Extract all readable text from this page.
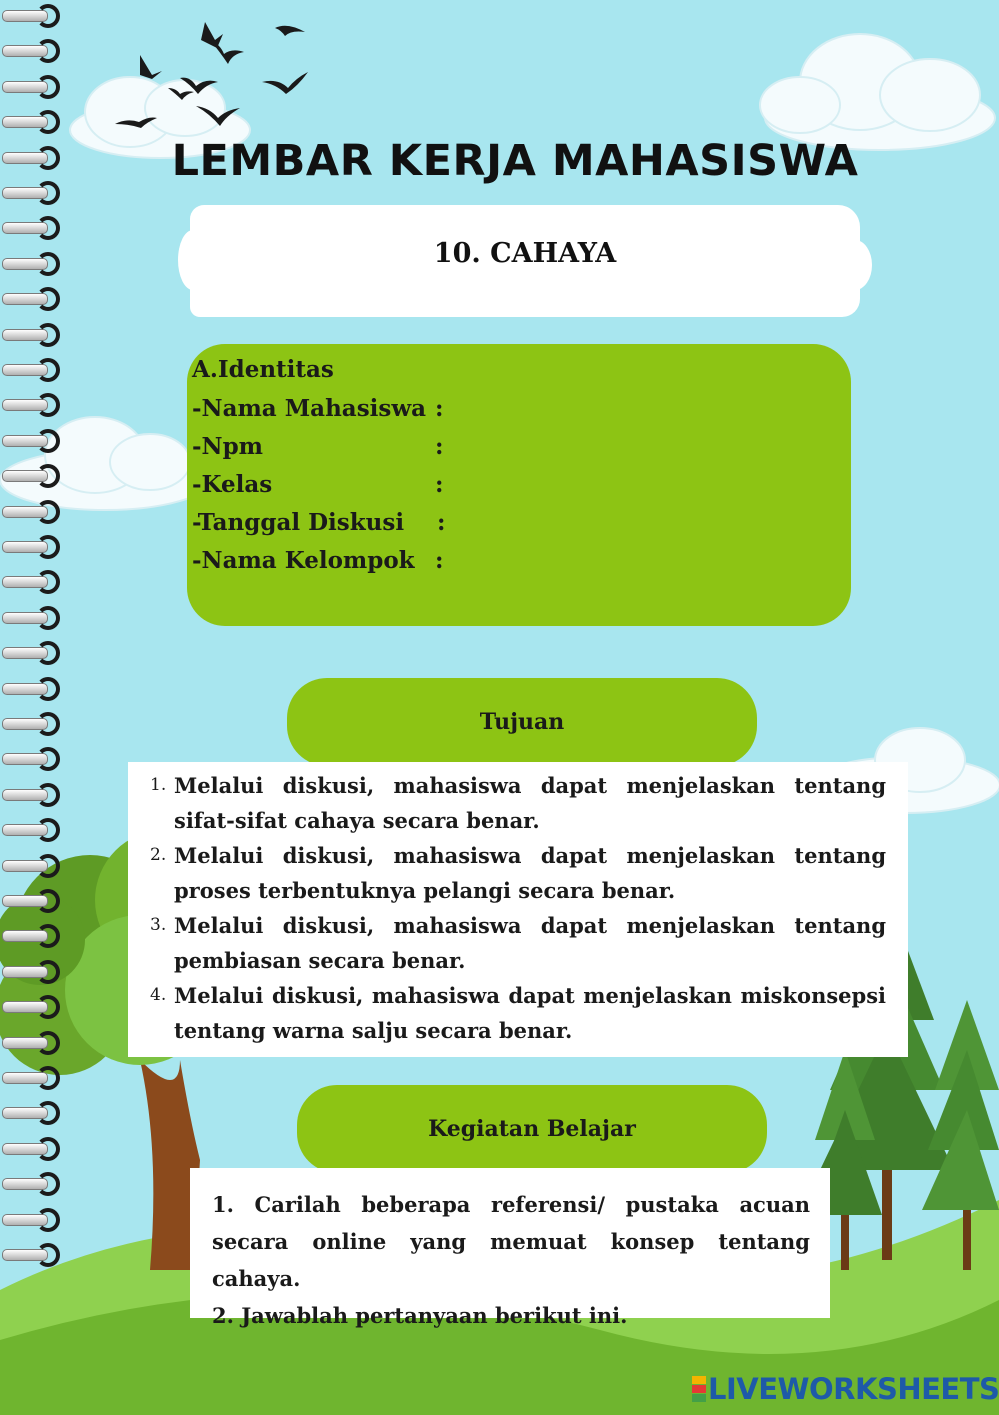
LEMBAR KERJA MAHASISWA
10. CAHAYA
A.Identitas
-Nama Mahasiswa :
-Npm	:
-Kelas	:
-Tanggal Diskusi :
-Nama Kelompok :
Tujuan
1. Melalui diskusi, mahasiswa dapat menjelaskan tentang sifat-sifat cahaya secara benar.
2. Melalui diskusi, mahasiswa dapat menjelaskan tentang proses terbentuknya pelangi secara benar.
3. Melalui diskusi, mahasiswa dapat menjelaskan tentang pembiasan secara benar.
4. Melalui diskusi, mahasiswa dapat menjelaskan miskonsepsi tentang warna salju secara benar.
Kegiatan Belajar
1. Carilah beberapa referensi/ pustaka acuan secara online yang memuat konsep tentang cahaya.
2. Jawablah pertanyaan berikut ini.
LIVEWORKSHEETS
